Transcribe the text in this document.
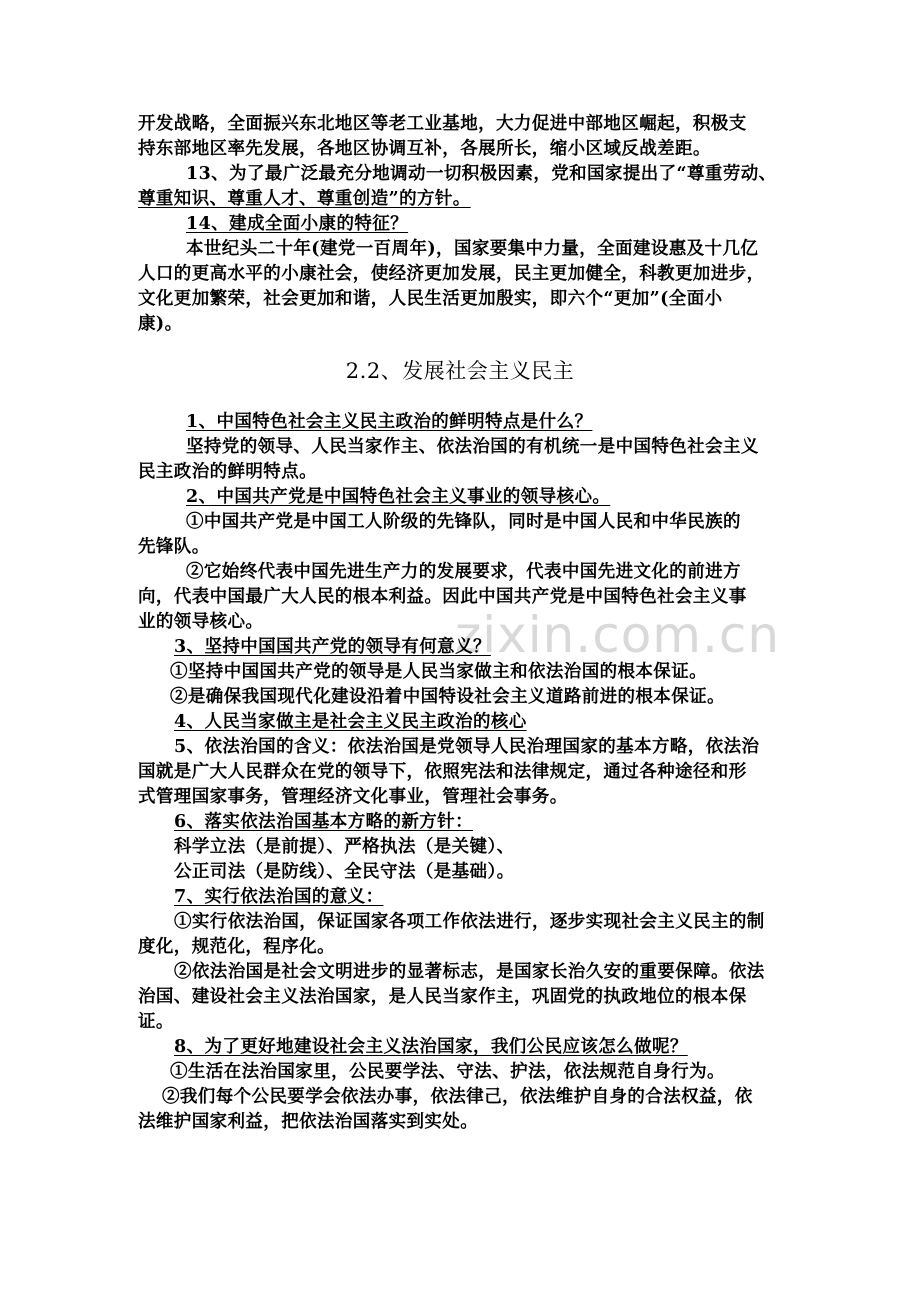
zixin.com.cn
开发战略，全面振兴东北地区等老工业基地，大力促进中部地区崛起，积极支
持东部地区率先发展，各地区协调互补，各展所长，缩小区域反战差距。
13、为了最广泛最充分地调动一切积极因素，党和国家提出了“尊重劳动、
尊重知识、尊重人才、尊重创造”的方针。
14、建成全面小康的特征？
本世纪头二十年(建党一百周年)，国家要集中力量，全面建设惠及十几亿
人口的更高水平的小康社会，使经济更加发展，民主更加健全，科教更加进步，
文化更加繁荣，社会更加和谐，人民生活更加殷实，即六个“更加”(全面小
康)。
2.2、发展社会主义民主
1、中国特色社会主义民主政治的鲜明特点是什么？
坚持党的领导、人民当家作主、依法治国的有机统一是中国特色社会主义
民主政治的鲜明特点。
2、中国共产党是中国特色社会主义事业的领导核心。
①中国共产党是中国工人阶级的先锋队，同时是中国人民和中华民族的
先锋队。
②它始终代表中国先进生产力的发展要求，代表中国先进文化的前进方
向，代表中国最广大人民的根本利益。因此中国共产党是中国特色社会主义事
业的领导核心。
3、坚持中国国共产党的领导有何意义？
①坚持中国国共产党的领导是人民当家做主和依法治国的根本保证。
②是确保我国现代化建设沿着中国特设社会主义道路前进的根本保证。
4、人民当家做主是社会主义民主政治的核心
5、依法治国的含义：依法治国是党领导人民治理国家的基本方略，依法治
国就是广大人民群众在党的领导下，依照宪法和法律规定，通过各种途径和形
式管理国家事务，管理经济文化事业，管理社会事务。
6、落实依法治国基本方略的新方针：
科学立法（是前提）、严格执法（是关键）、
公正司法（是防线）、全民守法（是基础）。
7、实行依法治国的意义：
①实行依法治国，保证国家各项工作依法进行，逐步实现社会主义民主的制
度化，规范化，程序化。
②依法治国是社会文明进步的显著标志，是国家长治久安的重要保障。依法
治国、建设社会主义法治国家，是人民当家作主，巩固党的执政地位的根本保
证。
8、为了更好地建设社会主义法治国家，我们公民应该怎么做呢？
①生活在法治国家里，公民要学法、守法、护法，依法规范自身行为。
②我们每个公民要学会依法办事，依法律己，依法维护自身的合法权益，依
法维护国家利益，把依法治国落实到实处。
